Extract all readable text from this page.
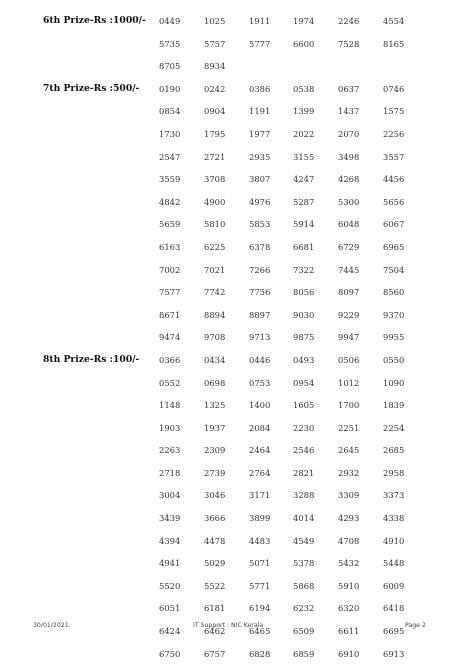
6th Prize-Rs :1000/- 0449	1025	1911	1974	2246	4554
5735	5757	5777	6600	7528	8165
8705	8934
7th Prize-Rs :500/- 0190	0242	0386	0538	0637	0746
0854	0904	1191	1399	1437	1575
1730	1795	1977	2022	2070	2256
2547	2721	2935	3155	3498	3557
3559	3708	3807	4247	4268	4456
4842	4900	4976	5287	5300	5656
5659	5810	5853	5914	6048	6067
6163	6225	6378	6681	6729	6965
7002	7021	7266	7322	7445	7504
7577	7742	7756	8056	8097	8560
8671	8894	8897	9030	9229	9370
9474	9708	9713	9875	9947	9955
8th Prize-Rs :100/- 0366	0434	0446	0493	0506	0550
0552	0698	0753	0954	1012	1090
1148	1325	1400	1605	1700	1839
1903	1937	2084	2230	2251	2254
2263	2309	2464	2546	2645	2685
2718	2739	2764	2821	2932	2958
3004	3046	3171	3288	3309	3373
3439	3666	3899	4014	4293	4338
4394	4478	4483	4549	4708	4910
4941	5029	5071	5378	5432	5448
5520	5522	5771	5868	5910	6009
6051	6181	6194	6232	6320	6418
6424	6462	6465	6509	6611	6695
6750	6757	6828	6859	6910	6913
30/01/2021	IT Support : NIC Kerala	Page 2
